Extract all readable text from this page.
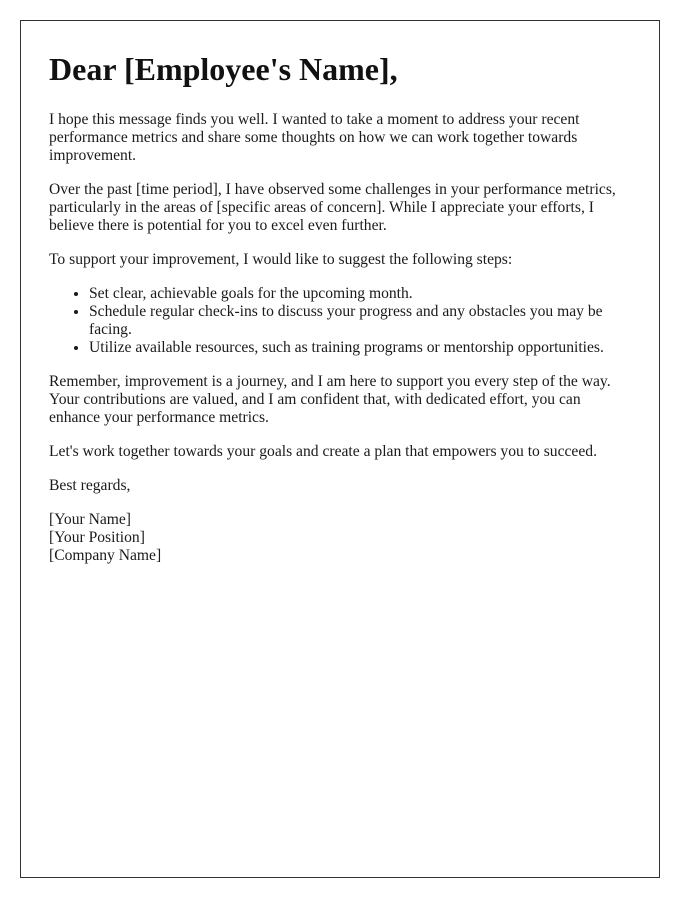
Dear [Employee's Name],

I hope this message finds you well. I wanted to take a moment to address your recent performance metrics and share some thoughts on how we can work together towards improvement.

Over the past [time period], I have observed some challenges in your performance metrics, particularly in the areas of [specific areas of concern]. While I appreciate your efforts, I believe there is potential for you to excel even further.

To support your improvement, I would like to suggest the following steps:

• Set clear, achievable goals for the upcoming month.
• Schedule regular check-ins to discuss your progress and any obstacles you may be facing.
• Utilize available resources, such as training programs or mentorship opportunities.

Remember, improvement is a journey, and I am here to support you every step of the way. Your contributions are valued, and I am confident that, with dedicated effort, you can enhance your performance metrics.

Let's work together towards your goals and create a plan that empowers you to succeed.

Best regards,

[Your Name]
[Your Position]
[Company Name]
